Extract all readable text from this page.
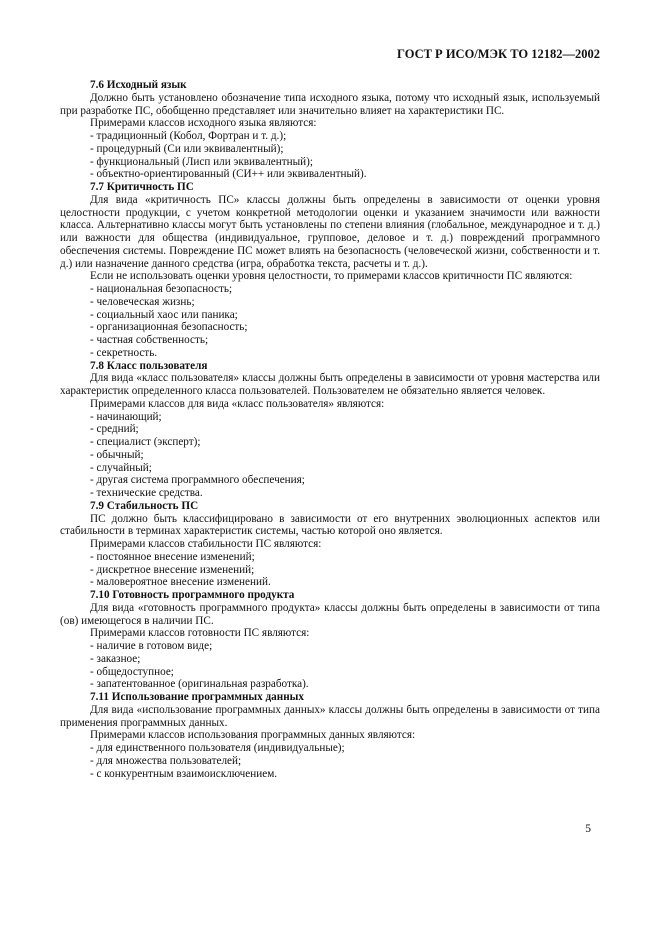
ГОСТ Р ИСО/МЭК ТО 12182—2002
7.6 Исходный язык
Должно быть установлено обозначение типа исходного языка, потому что исходный язык, используемый при разработке ПС, обобщенно представляет или значительно влияет на характеристики ПС.
Примерами классов исходного языка являются:
- традиционный (Кобол, Фортран и т. д.);
- процедурный (Си или эквивалентный);
- функциональный (Лисп или эквивалентный);
- объектно-ориентированный (СИ++ или эквивалентный).
7.7 Критичность ПС
Для вида «критичность ПС» классы должны быть определены в зависимости от оценки уровня целостности продукции, с учетом конкретной методологии оценки и указанием значимости или важности класса. Альтернативно классы могут быть установлены по степени влияния (глобальное, международное и т. д.) или важности для общества (индивидуальное, групповое, деловое и т. д.) повреждений программного обеспечения системы. Повреждение ПС может влиять на безопасность (человеческой жизни, собственности и т. д.) или назначение данного средства (игра, обработка текста, расчеты и т. д.).
Если не использовать оценки уровня целостности, то примерами классов критичности ПС являются:
- национальная безопасность;
- человеческая жизнь;
- социальный хаос или паника;
- организационная безопасность;
- частная собственность;
- секретность.
7.8 Класс пользователя
Для вида «класс пользователя» классы должны быть определены в зависимости от уровня мастерства или характеристик определенного класса пользователей. Пользователем не обязательно является человек.
Примерами классов для вида «класс пользователя» являются:
- начинающий;
- средний;
- специалист (эксперт);
- обычный;
- случайный;
- другая система программного обеспечения;
- технические средства.
7.9 Стабильность ПС
ПС должно быть классифицировано в зависимости от его внутренних эволюционных аспектов или стабильности в терминах характеристик системы, частью которой оно является.
Примерами классов стабильности ПС являются:
- постоянное внесение изменений;
- дискретное внесение изменений;
- маловероятное внесение изменений.
7.10 Готовность программного продукта
Для вида «готовность программного продукта» классы должны быть определены в зависимости от типа (ов) имеющегося в наличии ПС.
Примерами классов готовности ПС являются:
- наличие в готовом виде;
- заказное;
- общедоступное;
- запатентованное (оригинальная разработка).
7.11 Использование программных данных
Для вида «использование программных данных» классы должны быть определены в зависимости от типа применения программных данных.
Примерами классов использования программных данных являются:
- для единственного пользователя (индивидуальные);
- для множества пользователей;
- с конкурентным взаимоисключением.
5
